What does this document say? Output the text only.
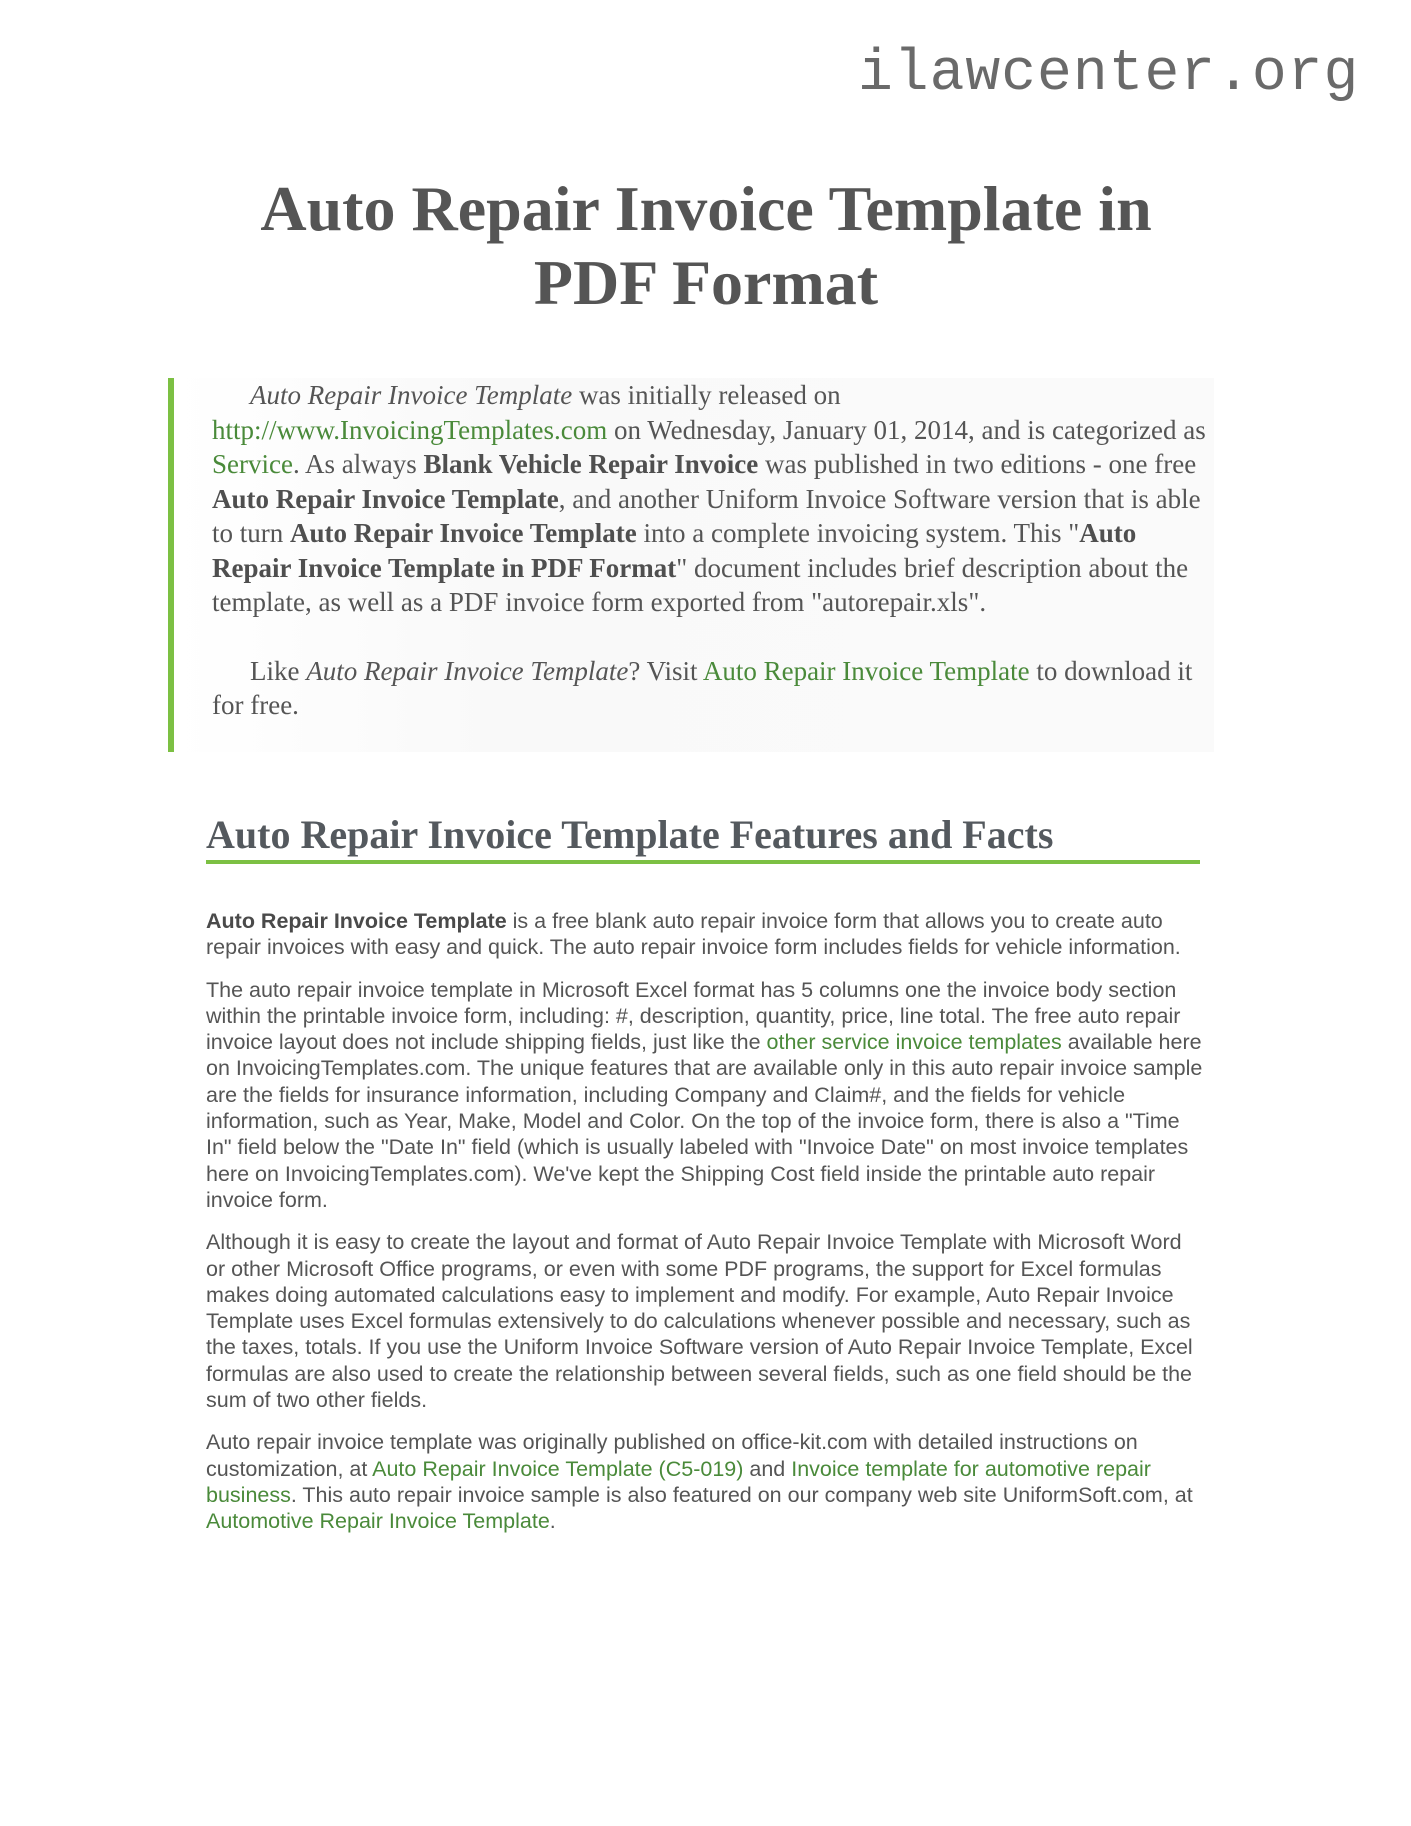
ilawcenter.org
Auto Repair Invoice Template in
PDF Format

Auto Repair Invoice Template was initially released on http://www.InvoicingTemplates.com on Wednesday, January 01, 2014, and is categorized as Service. As always Blank Vehicle Repair Invoice was published in two editions - one free Auto Repair Invoice Template, and another Uniform Invoice Software version that is able to turn Auto Repair Invoice Template into a complete invoicing system. This "Auto Repair Invoice Template in PDF Format" document includes brief description about the template, as well as a PDF invoice form exported from "autorepair.xls".

Like Auto Repair Invoice Template? Visit Auto Repair Invoice Template to download it for free.

Auto Repair Invoice Template Features and Facts

Auto Repair Invoice Template is a free blank auto repair invoice form that allows you to create auto repair invoices with easy and quick. The auto repair invoice form includes fields for vehicle information.

The auto repair invoice template in Microsoft Excel format has 5 columns one the invoice body section within the printable invoice form, including: #, description, quantity, price, line total. The free auto repair invoice layout does not include shipping fields, just like the other service invoice templates available here on InvoicingTemplates.com. The unique features that are available only in this auto repair invoice sample are the fields for insurance information, including Company and Claim#, and the fields for vehicle information, such as Year, Make, Model and Color. On the top of the invoice form, there is also a "Time In" field below the "Date In" field (which is usually labeled with "Invoice Date" on most invoice templates here on InvoicingTemplates.com). We've kept the Shipping Cost field inside the printable auto repair invoice form.

Although it is easy to create the layout and format of Auto Repair Invoice Template with Microsoft Word or other Microsoft Office programs, or even with some PDF programs, the support for Excel formulas makes doing automated calculations easy to implement and modify. For example, Auto Repair Invoice Template uses Excel formulas extensively to do calculations whenever possible and necessary, such as the taxes, totals. If you use the Uniform Invoice Software version of Auto Repair Invoice Template, Excel formulas are also used to create the relationship between several fields, such as one field should be the sum of two other fields.

Auto repair invoice template was originally published on office-kit.com with detailed instructions on customization, at Auto Repair Invoice Template (C5-019) and Invoice template for automotive repair business. This auto repair invoice sample is also featured on our company web site UniformSoft.com, at Automotive Repair Invoice Template.
